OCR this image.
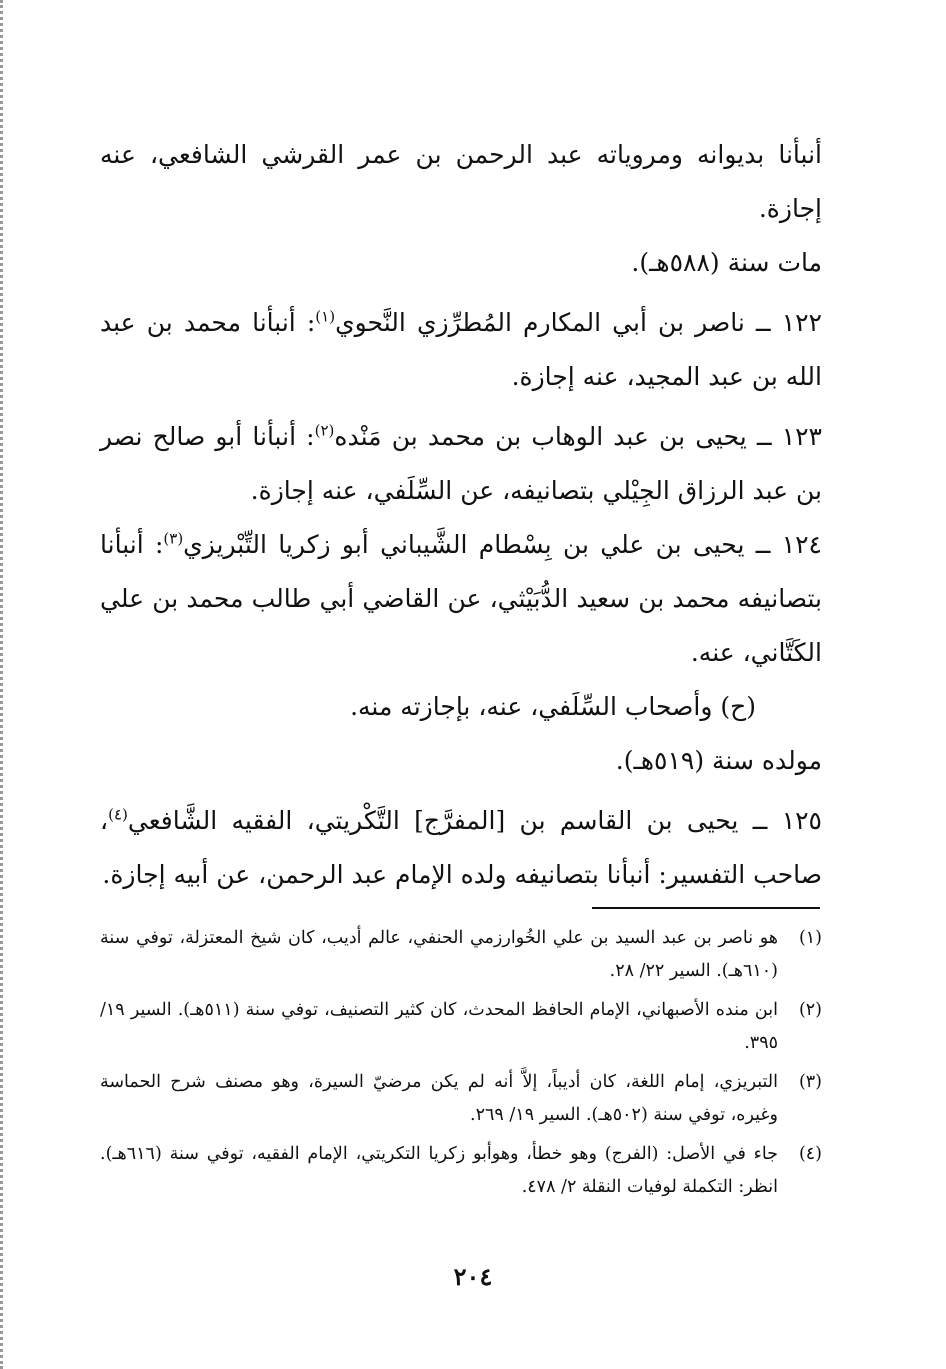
أنبأنا بديوانه ومروياته عبد الرحمن بن عمر القرشي الشافعي، عنه إجازة.

مات سنة (٥٨٨هـ).

١٢٢ ــ ناصر بن أبي المكارم المُطرِّزي النَّحوي$^{(١)}$: أنبأنا محمد بن عبد الله بن عبد المجيد، عنه إجازة.

١٢٣ ــ يحيى بن عبد الوهاب بن محمد بن مَنْده$^{(٢)}$: أنبأنا أبو صالح نصر بن عبد الرزاق الجِيْلي بتصانيفه، عن السِّلَفي، عنه إجازة.

١٢٤ ــ يحيى بن علي بن بِسْطام الشَّيباني أبو زكريا التِّبْريزي$^{(٣)}$: أنبأنا بتصانيفه محمد بن سعيد الدُّبَيْثي، عن القاضي أبي طالب محمد بن علي الكَتَّاني، عنه.

(ح) وأصحاب السِّلَفي، عنه، بإجازته منه.

مولده سنة (٥١٩هـ).

١٢٥ ــ يحيى بن القاسم بن [المفرَّج] التَّكْريتي، الفقيه الشَّافعي$^{(٤)}$، صاحب التفسير: أنبأنا بتصانيفه ولده الإمام عبد الرحمن، عن أبيه إجازة.

(١)
هو ناصر بن عبد السيد بن علي الخُوارزمي الحنفي، عالم أديب، كان شيخ المعتزلة، توفي سنة (٦١٠هـ). السير ٢٢/ ٢٨.
(٢)
ابن منده الأصبهاني، الإمام الحافظ المحدث، كان كثير التصنيف، توفي سنة (٥١١هـ). السير ١٩/ ٣٩٥.
(٣)
التبريزي، إمام اللغة، كان أديباً، إلاَّ أنه لم يكن مرضيّ السيرة، وهو مصنف شرح الحماسة وغيره، توفي سنة (٥٠٢هـ). السير ١٩/ ٢٦٩.
(٤)
جاء في الأصل: (الفرج) وهو خطأ، وهوأبو زكريا التكريتي، الإمام الفقيه، توفي سنة (٦١٦هـ). انظر: التكملة لوفيات النقلة ٢/ ٤٧٨.
٢٠٤
